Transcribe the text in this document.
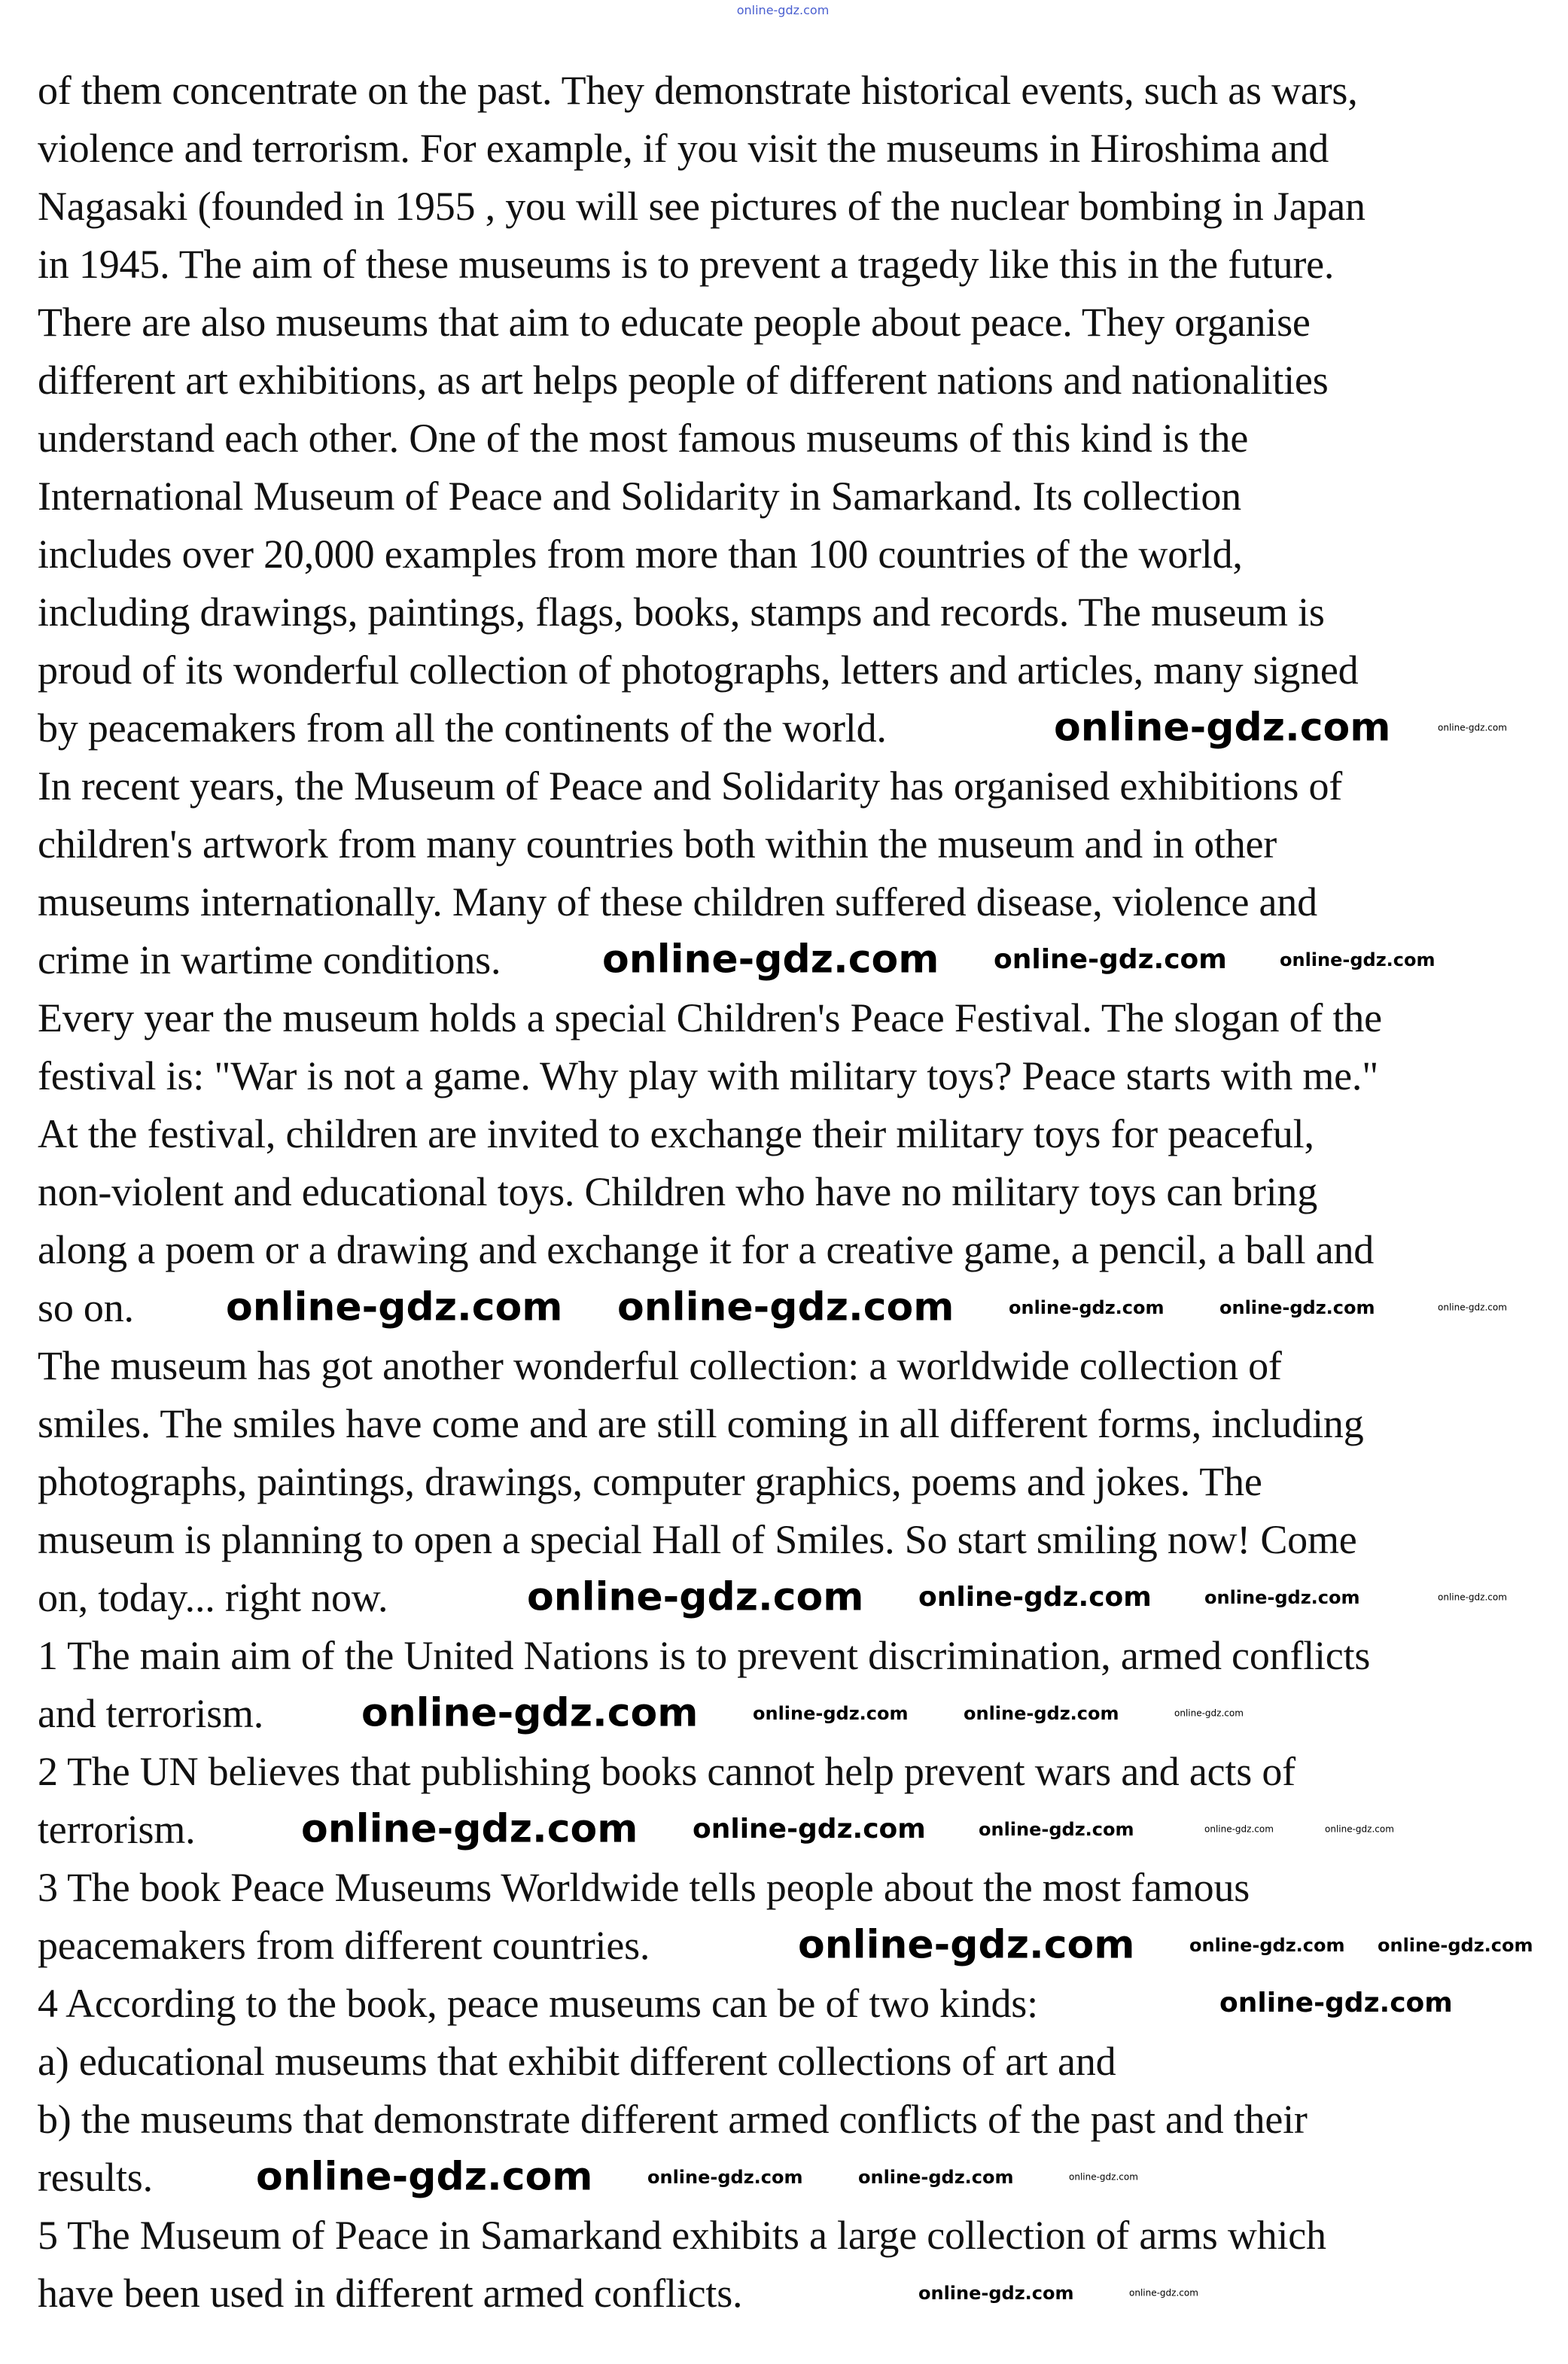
of them concentrate on the past. They demonstrate historical events, such as wars,
violence and terrorism. For example, if you visit the museums in Hiroshima and
Nagasaki (founded in 1955 , you will see pictures of the nuclear bombing in Japan
in 1945. The aim of these museums is to prevent a tragedy like this in the future.
There are also museums that aim to educate people about peace. They organise
different art exhibitions, as art helps people of different nations and nationalities
understand each other. One of the most famous museums of this kind is the
International Museum of Peace and Solidarity in Samarkand. Its collection
includes over 20,000 examples from more than 100 countries of the world,
including drawings, paintings, flags, books, stamps and records. The museum is
proud of its wonderful collection of photographs, letters and articles, many signed
by peacemakers from all the continents of the world.
In recent years, the Museum of Peace and Solidarity has organised exhibitions of
children's artwork from many countries both within the museum and in other
museums internationally. Many of these children suffered disease, violence and
crime in wartime conditions.
Every year the museum holds a special Children's Peace Festival. The slogan of the
festival is: "War is not a game. Why play with military toys? Peace starts with me."
At the festival, children are invited to exchange their military toys for peaceful,
non-violent and educational toys. Children who have no military toys can bring
along a poem or a drawing and exchange it for a creative game, a pencil, a ball and
so on.
The museum has got another wonderful collection: a worldwide collection of
smiles. The smiles have come and are still coming in all different forms, including
photographs, paintings, drawings, computer graphics, poems and jokes. The
museum is planning to open a special Hall of Smiles. So start smiling now! Come
on, today... right now.
1 The main aim of the United Nations is to prevent discrimination, armed conflicts
and terrorism.
2 The UN believes that publishing books cannot help prevent wars and acts of
terrorism.
3 The book Peace Museums Worldwide tells people about the most famous
peacemakers from different countries.
4 According to the book, peace museums can be of two kinds:
a) educational museums that exhibit different collections of art and
b) the museums that demonstrate different armed conflicts of the past and their
results.
5 The Museum of Peace in Samarkand exhibits a large collection of arms which
have been used in different armed conflicts.
online-gdz.com
online-gdz.com	online-gdz.com
online-gdz.com online-gdz.com	online-gdz.com
online-gdz.com online-gdz.com	online-gdz.com	online-gdz.com	online-gdz.com
online-gdz.com online-gdz.com	online-gdz.com	online-gdz.com
online-gdz.com	online-gdz.com	online-gdz.com	online-gdz.com
online-gdz.com online-gdz.com	online-gdz.com	online-gdz.com	online-gdz.com
online-gdz.com	online-gdz.com online-gdz.com
online-gdz.com
online-gdz.com	online-gdz.com	online-gdz.com	online-gdz.com
online-gdz.com	online-gdz.com
